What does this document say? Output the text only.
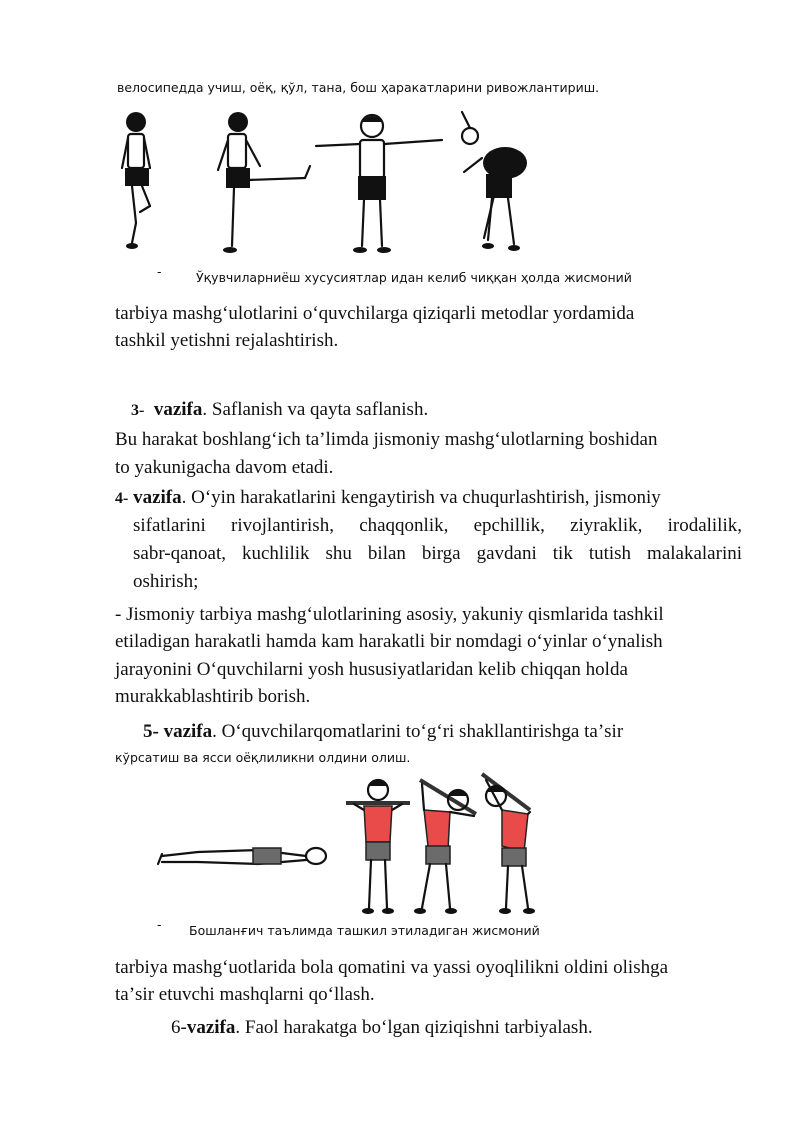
велосипедда учиш, оёқ, қўл, тана, бош ҳаракатларини ривожлантириш.
-	Ўқувчиларниёш хусусиятлар идан келиб чиққан ҳолда жисмоний
tarbiya mashgʻulotlarini oʻquvchilarga qiziqarli metodlar yordamida
tashkil yetishni rejalashtirish.
3- vazifa. Saflanish va qayta saflanish.
Bu harakat boshlangʻich taʼlimda jismoniy mashgʻulotlarning boshidan
to yakunigacha davom etadi.
4- vazifa. Oʻyin harakatlarini kengaytirish va chuqurlashtirish, jismoniy
sifatlarini rivojlantirish, chaqqonlik, epchillik, ziyraklik, irodalilik,
sabr-qanoat, kuchlilik shu bilan birga gavdani tik tutish malakalarini
oshirish;
- Jismoniy tarbiya mashgʻulotlarining asosiy, yakuniy qismlarida tashkil
etiladigan harakatli hamda kam harakatli bir nomdagi oʻyinlar oʻynalish
jarayonini Oʻquvchilarni yosh hususiyatlaridan kelib chiqqan holda
murakkablashtirib borish.
5- vazifa. Oʻquvchilarqomatlarini toʻgʻri shakllantirishga taʼsir
кўрсатиш ва ясси оёқлиликни олдини олиш.
- Бошланғич таълимда ташкил этиладиган жисмоний
tarbiya mashgʻuotlarida bola qomatini va yassi oyoqlilikni oldini olishga
taʼsir etuvchi mashqlarni qoʻllash.
6-vazifa. Faol harakatga boʻlgan qiziqishni tarbiyalash.
